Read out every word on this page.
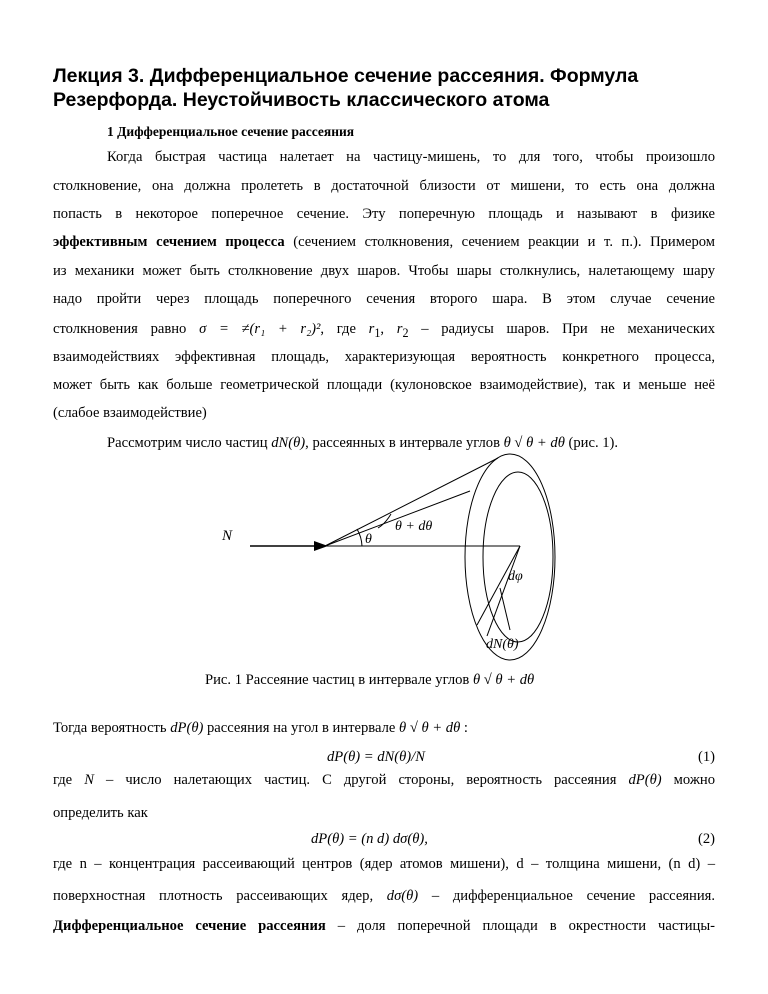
Лекция 3. Дифференциальное сечение рассеяния. Формула
Резерфорда. Неустойчивость классического атома
1 Дифференциальное сечение рассеяния

Когда быстрая частица налетает на частицу-мишень, то для того, чтобы произошло

столкновение, она должна пролететь в достаточной близости от мишени, то есть она должна

попасть в некоторое поперечное сечение. Эту поперечную площадь и называют в физике

эффективным сечением процесса (сечением столкновения, сечением реакции и т. п.). Примером

из механики может быть столкновение двух шаров. Чтобы шары столкнулись, налетающему шару

надо пройти через площадь поперечного сечения второго шара. В этом случае сечение

столкновения равно σ = ≠(r₁ + r₂)², где $r_1$, $r_2$ – радиусы шаров. При не механических

взаимодействиях эффективная площадь, характеризующая вероятность конкретного процесса,

может быть как больше геометрической площади (кулоновское взаимодействие), так и меньше неё

(слабое взаимодействие)

Рассмотрим число частиц dN(θ), рассеянных в интервале углов θ √ θ + dθ (рис. 1).

N	θ
θ + dθ
dφ
dN(θ)

Рис. 1 Рассеяние частиц в интервале углов θ √ θ + dθ

Тогда вероятность dP(θ) рассеяния на угол в интервале θ √ θ + dθ :

dP(θ) = dN(θ)/N	(1)

где N – число налетающих частиц. С другой стороны, вероятность рассеяния dP(θ) можно

определить как

dP(θ) = (n d) dσ(θ),	(2)

где n – концентрация рассеивающий центров (ядер атомов мишени), d – толщина мишени, (n d) –

поверхностная плотность рассеивающих ядер, dσ(θ) – дифференциальное сечение рассеяния.

Дифференциальное сечение рассеяния – доля поперечной площади в окрестности частицы-
